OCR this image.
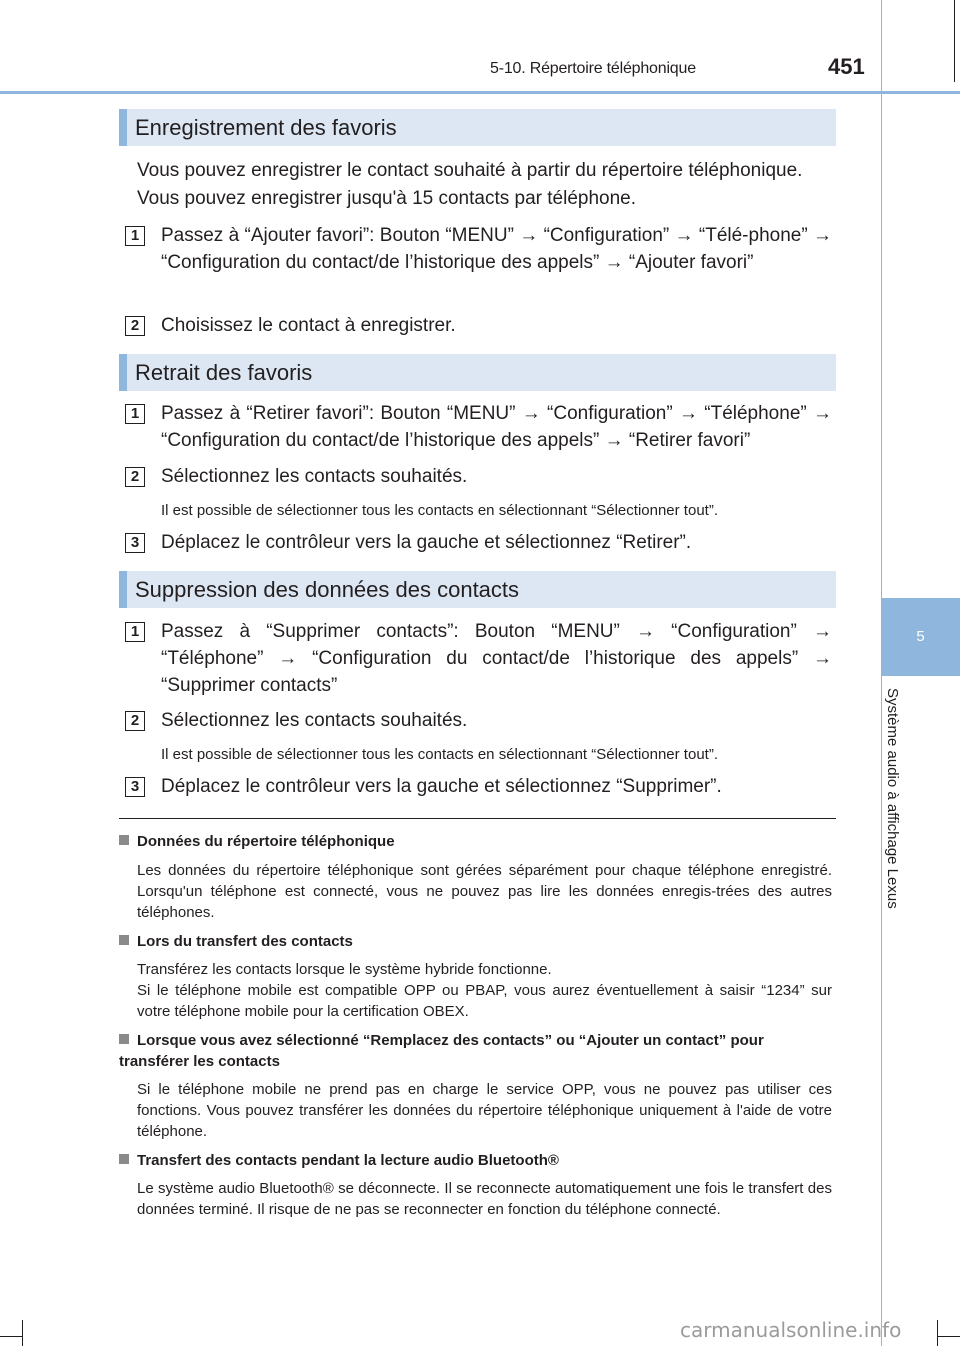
5-10. Répertoire téléphonique	451
5
Système audio à affichage Lexus
Enregistrement des favoris
Vous pouvez enregistrer le contact souhaité à partir du répertoire téléphonique.
Vous pouvez enregistrer jusqu'à 15 contacts par téléphone.
1	Passez à “Ajouter favori”: Bouton “MENU” → “Configuration” → “Télé-phone” → “Configuration du contact/de l’historique des appels” → “Ajouter favori”
2	Choisissez le contact à enregistrer.
Retrait des favoris
1	Passez à “Retirer favori”: Bouton “MENU” → “Configuration” → “Téléphone” → “Configuration du contact/de l’historique des appels” → “Retirer favori”
2	Sélectionnez les contacts souhaités.
Il est possible de sélectionner tous les contacts en sélectionnant “Sélectionner tout”.
3	Déplacez le contrôleur vers la gauche et sélectionnez “Retirer”.
Suppression des données des contacts
1	Passez à “Supprimer contacts”: Bouton “MENU” → “Configuration” → “Téléphone” → “Configuration du contact/de l’historique des appels” → “Supprimer contacts”
2	Sélectionnez les contacts souhaités.
Il est possible de sélectionner tous les contacts en sélectionnant “Sélectionner tout”.
3	Déplacez le contrôleur vers la gauche et sélectionnez “Supprimer”.
Données du répertoire téléphonique
Les données du répertoire téléphonique sont gérées séparément pour chaque téléphone enregistré. Lorsqu'un téléphone est connecté, vous ne pouvez pas lire les données enregis-trées des autres téléphones.
Lors du transfert des contacts
Transférez les contacts lorsque le système hybride fonctionne.
Si le téléphone mobile est compatible OPP ou PBAP, vous aurez éventuellement à saisir “1234” sur votre téléphone mobile pour la certification OBEX.
Lorsque vous avez sélectionné “Remplacez des contacts” ou “Ajouter un contact” pour transférer les contacts
Si le téléphone mobile ne prend pas en charge le service OPP, vous ne pouvez pas utiliser ces fonctions. Vous pouvez transférer les données du répertoire téléphonique uniquement à l'aide de votre téléphone.
Transfert des contacts pendant la lecture audio Bluetooth®
Le système audio Bluetooth® se déconnecte. Il se reconnecte automatiquement une fois le transfert des données terminé. Il risque de ne pas se reconnecter en fonction du téléphone connecté.
carmanualsonline.info
